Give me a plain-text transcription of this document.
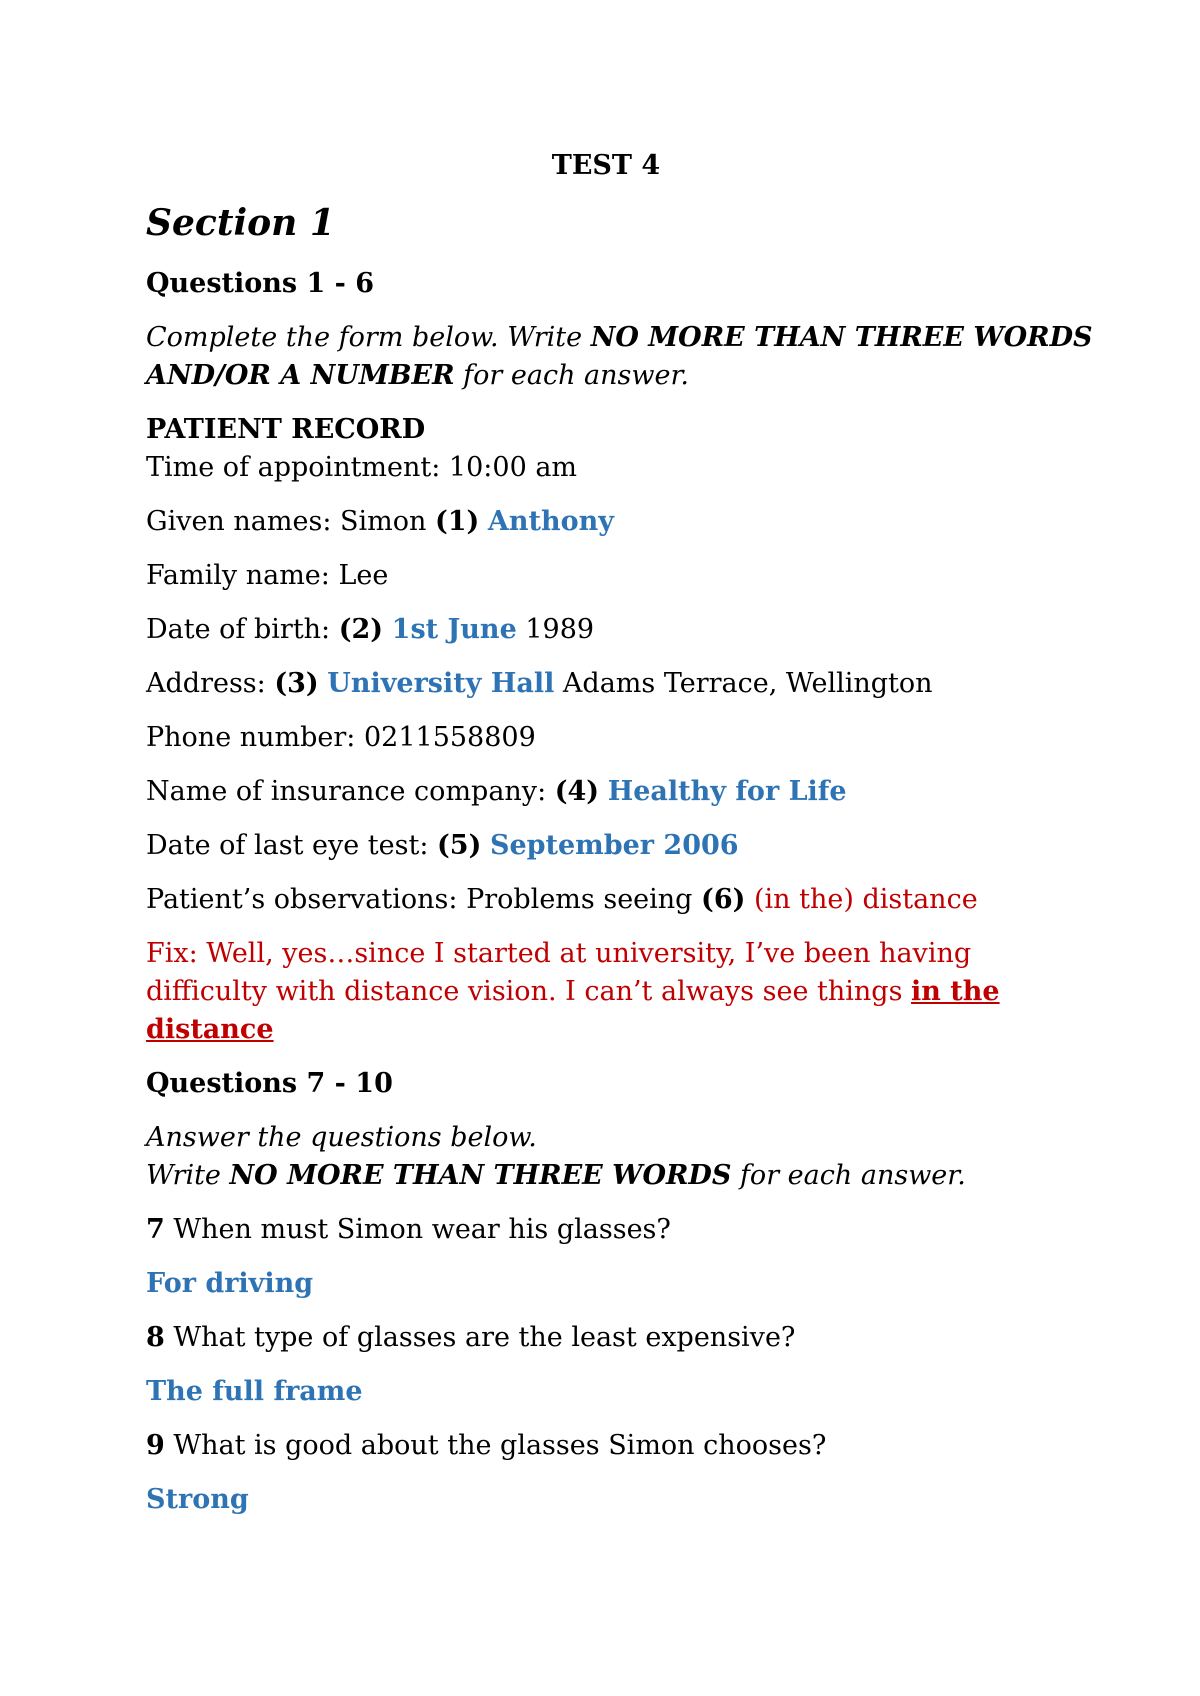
TEST 4
Section 1
Questions 1 - 6
Complete the form below. Write NO MORE THAN THREE WORDS
AND/OR A NUMBER for each answer.
PATIENT RECORD
Time of appointment: 10:00 am
Given names: Simon (1) Anthony
Family name: Lee
Date of birth: (2) 1st June 1989
Address: (3) University Hall Adams Terrace, Wellington
Phone number: 0211558809
Name of insurance company: (4) Healthy for Life
Date of last eye test: (5) September 2006
Patient’s observations: Problems seeing (6) (in the) distance
Fix: Well, yes…since I started at university, I’ve been having
difficulty with distance vision. I can’t always see things in the
distance
Questions 7 - 10
Answer the questions below.
Write NO MORE THAN THREE WORDS for each answer.
7 When must Simon wear his glasses?
For driving
8 What type of glasses are the least expensive?
The full frame
9 What is good about the glasses Simon chooses?
Strong
